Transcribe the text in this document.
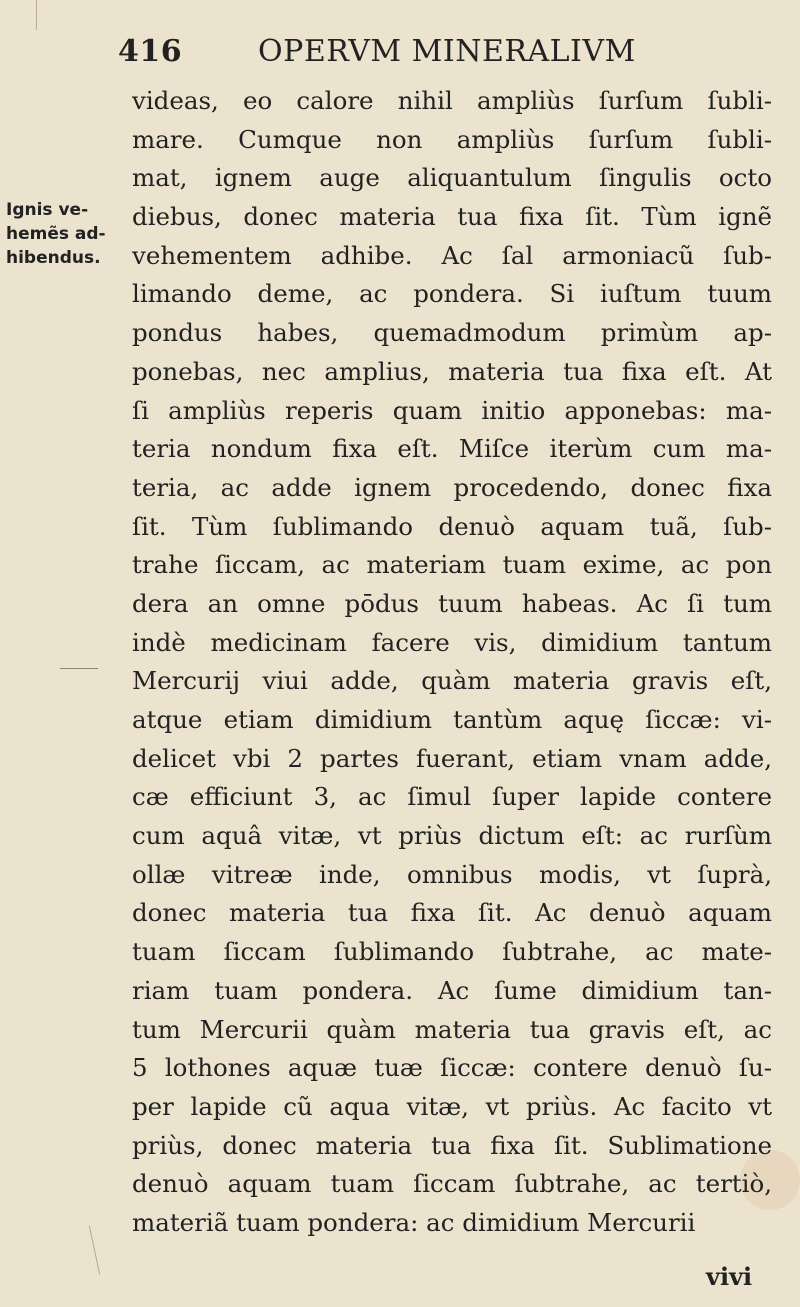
416	OPERVM MINERALIVM
Ignis ve-
hemẽs ad-
hibendus.
videas, eo calore nihil ampliùs ſurſum ſubli-
mare. Cumque non ampliùs ſurſum ſubli-
mat, ignem auge aliquantulum ſingulis octo
diebus, donec materia tua fixa ſit. Tùm ignẽ
vehementem adhibe. Ac ſal armoniacũ ſub-
limando deme, ac pondera. Si iuſtum tuum
pondus habes, quemadmodum primùm ap-
ponebas, nec amplius, materia tua fixa eſt. At
ſi ampliùs reperis quam initio apponebas: ma-
teria nondum fixa eſt. Miſce iterùm cum ma-
teria, ac adde ignem procedendo, donec fixa
ſit. Tùm ſublimando denuò aquam tuã, ſub-
trahe ſiccam, ac materiam tuam exime, ac pon
dera an omne pōdus tuum habeas. Ac ſi tum
indè medicinam facere vis, dimidium tantum
Mercurij viui adde, quàm materia gravis eſt,
atque etiam dimidium tantùm aquę ſiccæ: vi-
delicet vbi 2 partes fuerant, etiam vnam adde,
cæ efficiunt 3, ac ſimul ſuper lapide contere
cum aquâ vitæ, vt priùs dictum eſt: ac rurſùm
ollæ vitreæ inde, omnibus modis, vt ſuprà,
donec materia tua fixa ſit. Ac denuò aquam
tuam ſiccam ſublimando ſubtrahe, ac mate-
riam tuam pondera. Ac ſume dimidium tan-
tum Mercurii quàm materia tua gravis eſt, ac
5 lothones aquæ tuæ ſiccæ: contere denuò ſu-
per lapide cũ aqua vitæ, vt priùs. Ac facito vt
priùs, donec materia tua fixa ſit. Sublimatione
denuò aquam tuam ſiccam ſubtrahe, ac tertiò,
materiã tuam pondera: ac dimidium Mercurii
vivi
